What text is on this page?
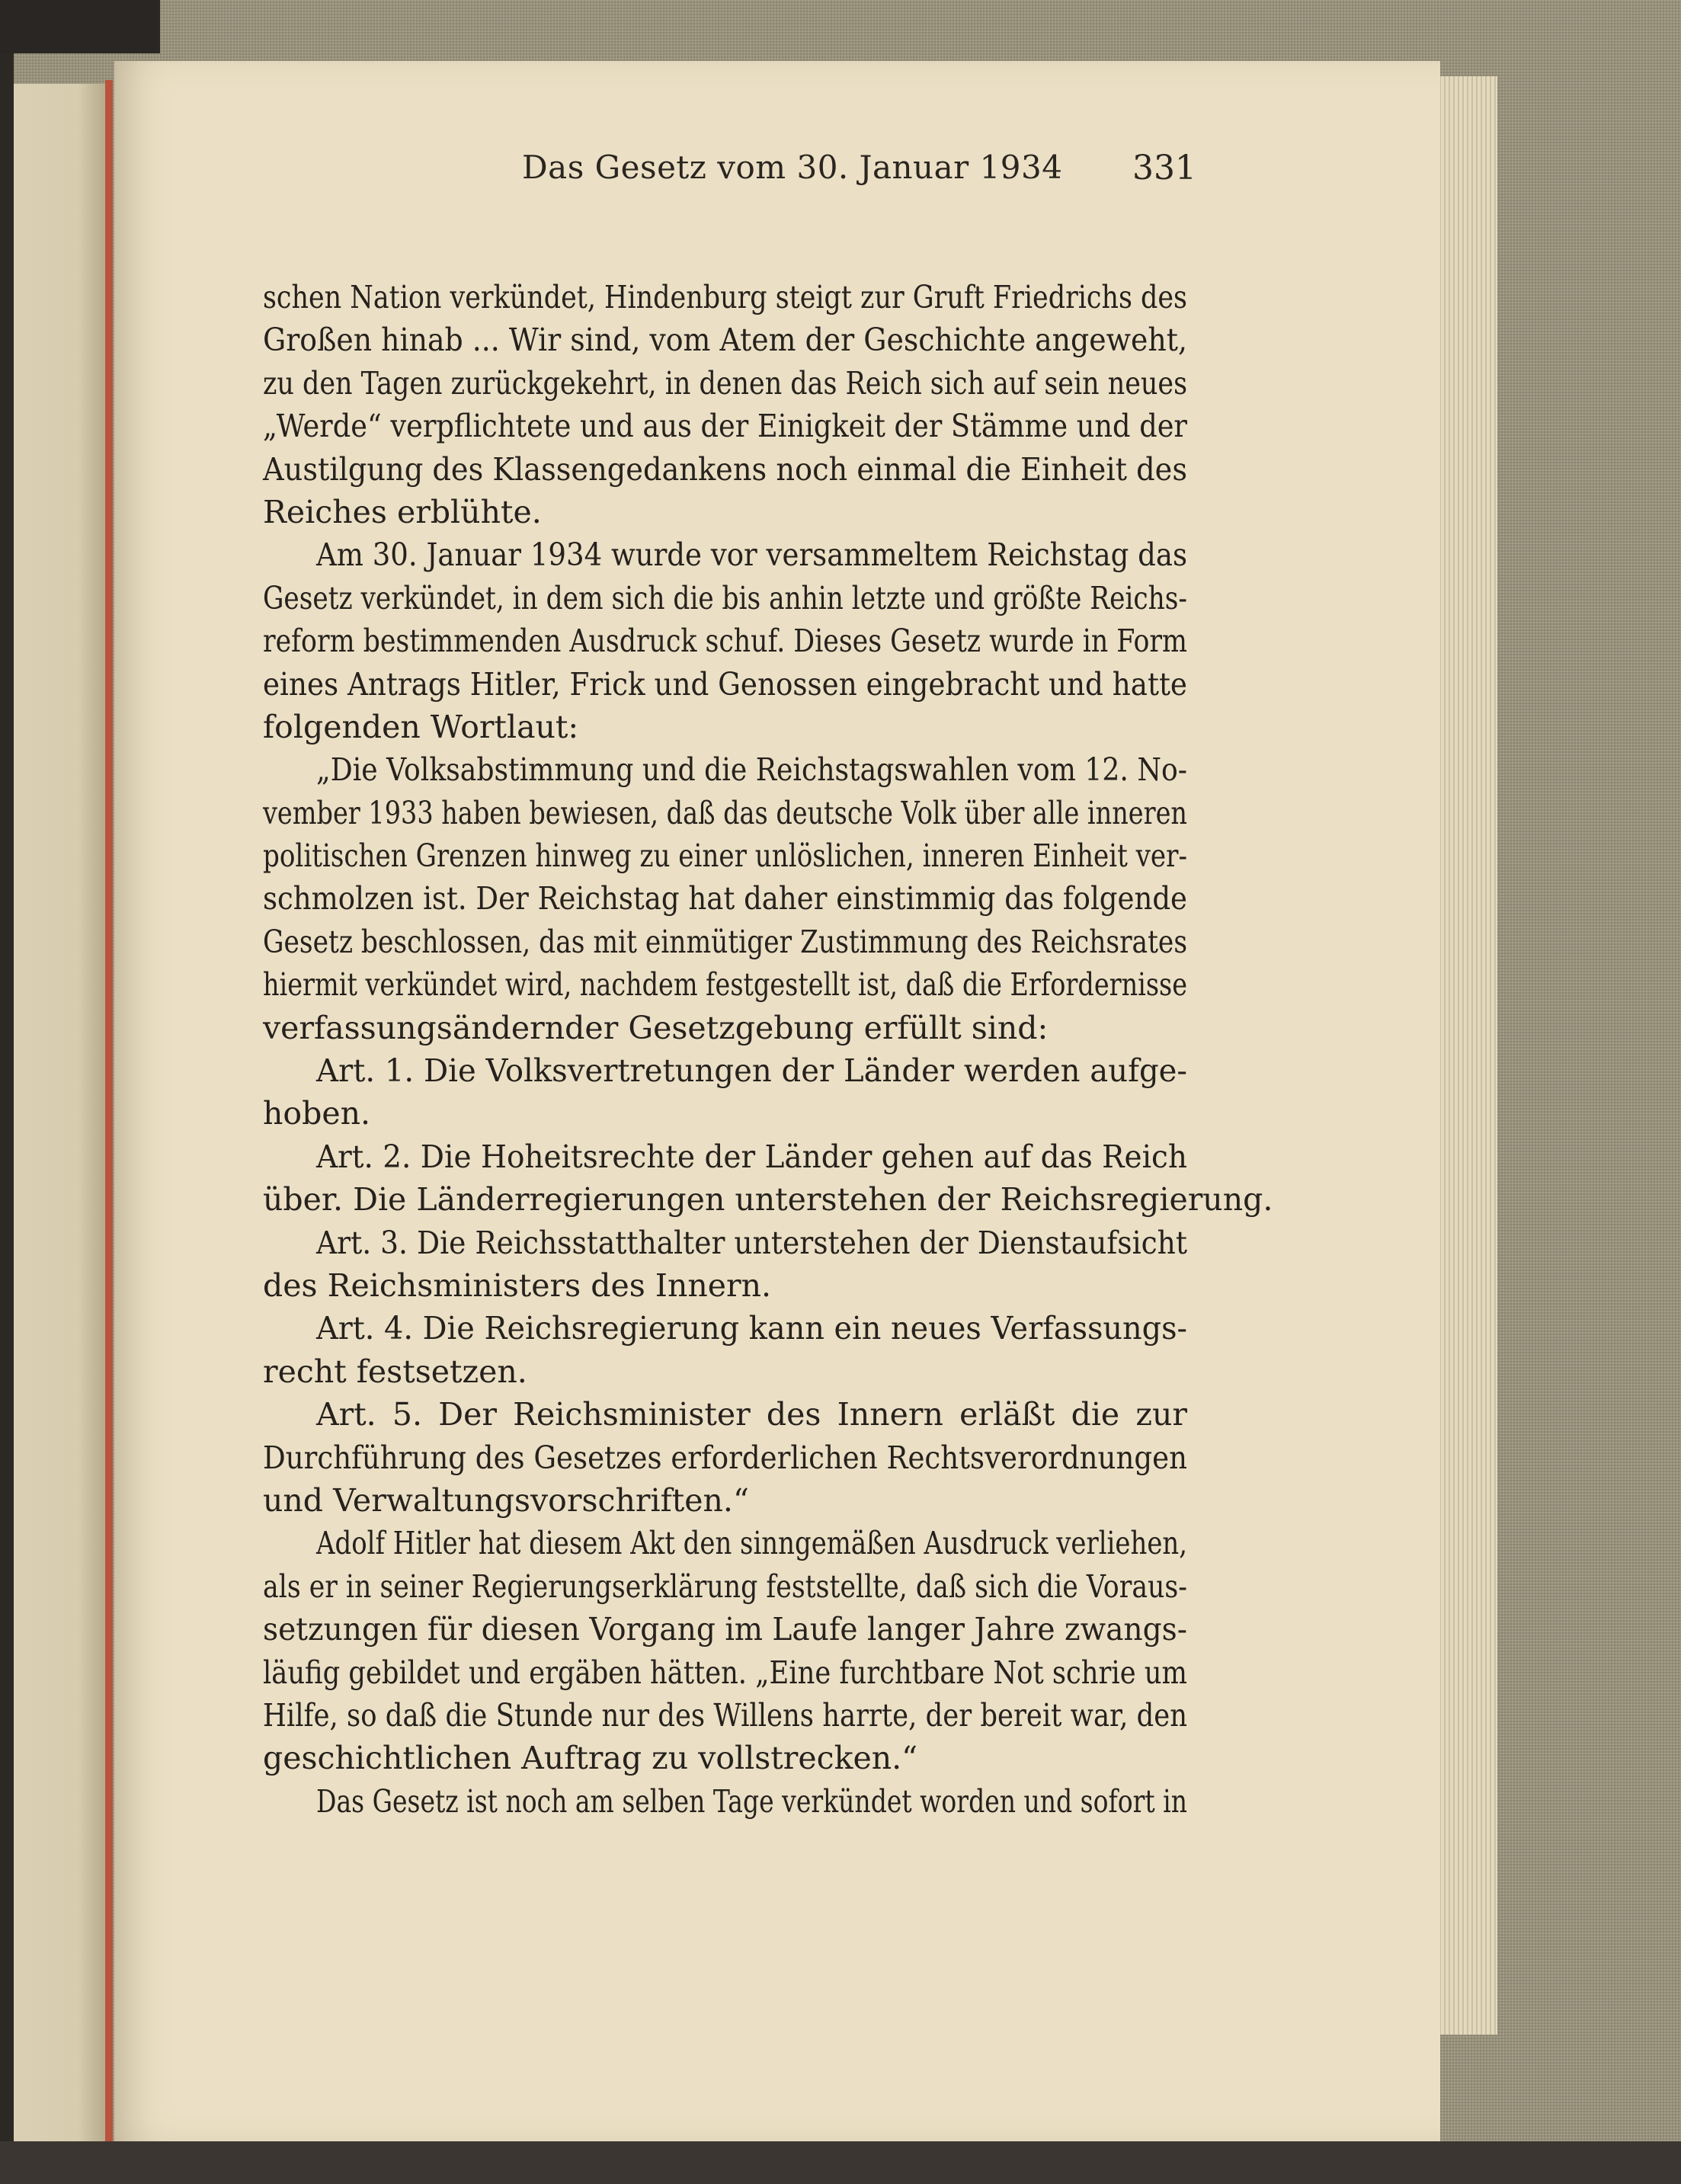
Das Gesetz vom 30. Januar 1934 331
schen Nation verkündet, Hindenburg steigt zur Gruft Friedrichs des
Großen hinab ... Wir sind, vom Atem der Geschichte angeweht,
zu den Tagen zurückgekehrt, in denen das Reich sich auf sein neues
„Werde“ verpflichtete und aus der Einigkeit der Stämme und der
Austilgung des Klassengedankens noch einmal die Einheit des
Reiches erblühte.
Am 30. Januar 1934 wurde vor versammeltem Reichstag das
Gesetz verkündet, in dem sich die bis anhin letzte und größte Reichs-
reform bestimmenden Ausdruck schuf. Dieses Gesetz wurde in Form
eines Antrags Hitler, Frick und Genossen eingebracht und hatte
folgenden Wortlaut:
„Die Volksabstimmung und die Reichstagswahlen vom 12. No-
vember 1933 haben bewiesen, daß das deutsche Volk über alle inneren
politischen Grenzen hinweg zu einer unlöslichen, inneren Einheit ver-
schmolzen ist. Der Reichstag hat daher einstimmig das folgende
Gesetz beschlossen, das mit einmütiger Zustimmung des Reichsrates
hiermit verkündet wird, nachdem festgestellt ist, daß die Erfordernisse
verfassungsändernder Gesetzgebung erfüllt sind:
Art. 1. Die Volksvertretungen der Länder werden aufge-
hoben.
Art. 2. Die Hoheitsrechte der Länder gehen auf das Reich
über. Die Länderregierungen unterstehen der Reichsregierung.
Art. 3. Die Reichsstatthalter unterstehen der Dienstaufsicht
des Reichsministers des Innern.
Art. 4. Die Reichsregierung kann ein neues Verfassungs-
recht festsetzen.
Art. 5. Der Reichsminister des Innern erläßt die zur
Durchführung des Gesetzes erforderlichen Rechtsverordnungen
und Verwaltungsvorschriften.“
Adolf Hitler hat diesem Akt den sinngemäßen Ausdruck verliehen,
als er in seiner Regierungserklärung feststellte, daß sich die Voraus-
setzungen für diesen Vorgang im Laufe langer Jahre zwangs-
läufig gebildet und ergäben hätten. „Eine furchtbare Not schrie um
Hilfe, so daß die Stunde nur des Willens harrte, der bereit war, den
geschichtlichen Auftrag zu vollstrecken.“
Das Gesetz ist noch am selben Tage verkündet worden und sofort in
